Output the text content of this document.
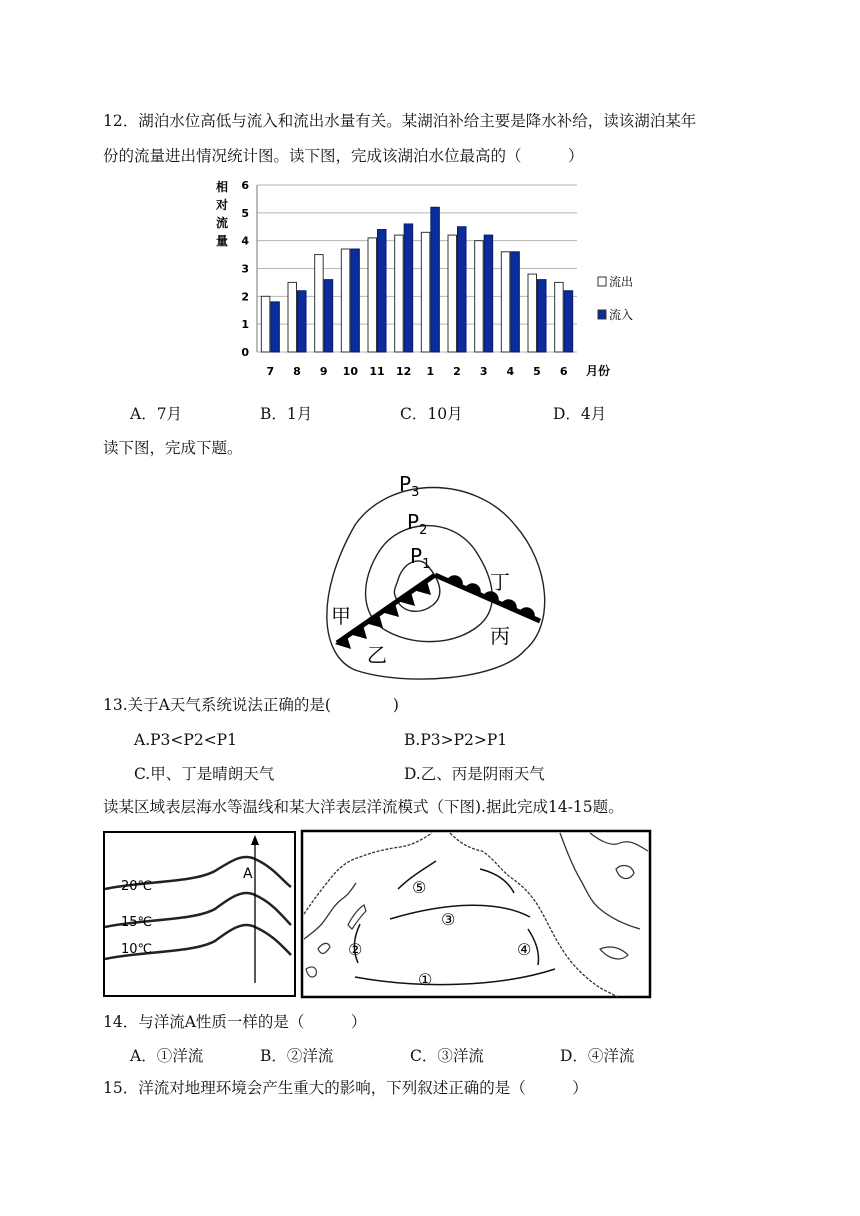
12．湖泊水位高低与流入和流出水量有关。某湖泊补给主要是降水补给，读该湖泊某年
份的流量进出情况统计图。读下图，完成该湖泊水位最高的（　　　）
相
对
流
量
0
1
2
3
4
5
6
7 8 9 10 11 12 1 2 3 4 5 6 月份
流出
流入
A．7月	B．1月	C．10月	D．4月
读下图，完成下题。
$P_3$
$P_2$
$P_1$
甲
乙
丙
丁
13.关于A天气系统说法正确的是(　　　　)
A.P3<P2<P1	B.P3>P2>P1
C.甲、丁是晴朗天气	D.乙、丙是阴雨天气
读某区域表层海水等温线和某大洋表层洋流模式（下图).据此完成14-15题。
20℃
15℃
10℃
A
①
②
③
④
⑤
14．与洋流A性质一样的是（　　　）
A．①洋流	B．②洋流	C．③洋流	D．④洋流
15．洋流对地理环境会产生重大的影响，下列叙述正确的是（　　　）
